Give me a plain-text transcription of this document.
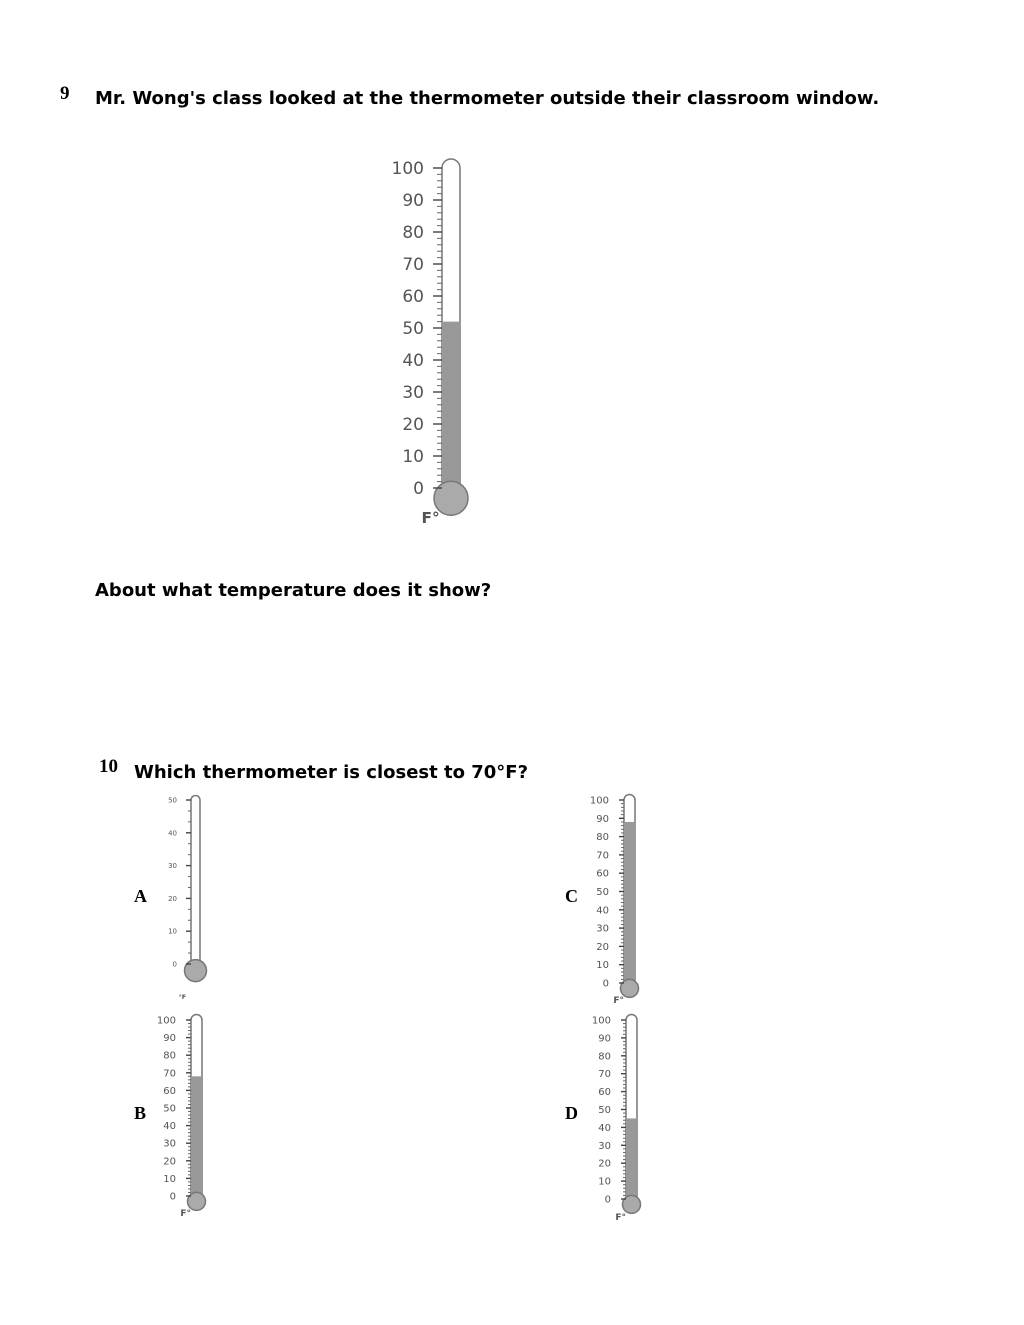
9 Mr. Wong's class looked at the thermometer outside their classroom window.
100
90
80
70
60
50
40
30
20
10
0
F°
About what temperature does it show?
10 Which thermometer is closest to 70°F?
A
50
40
30
20
10
0
°F
C
100
90
80
70
60
50
40
30
20
10
0
F°
B
100
90
80
70
60
50
40
30
20
10
0
F°
D
100
90
80
70
60
50
40
30
20
10
0
F°
